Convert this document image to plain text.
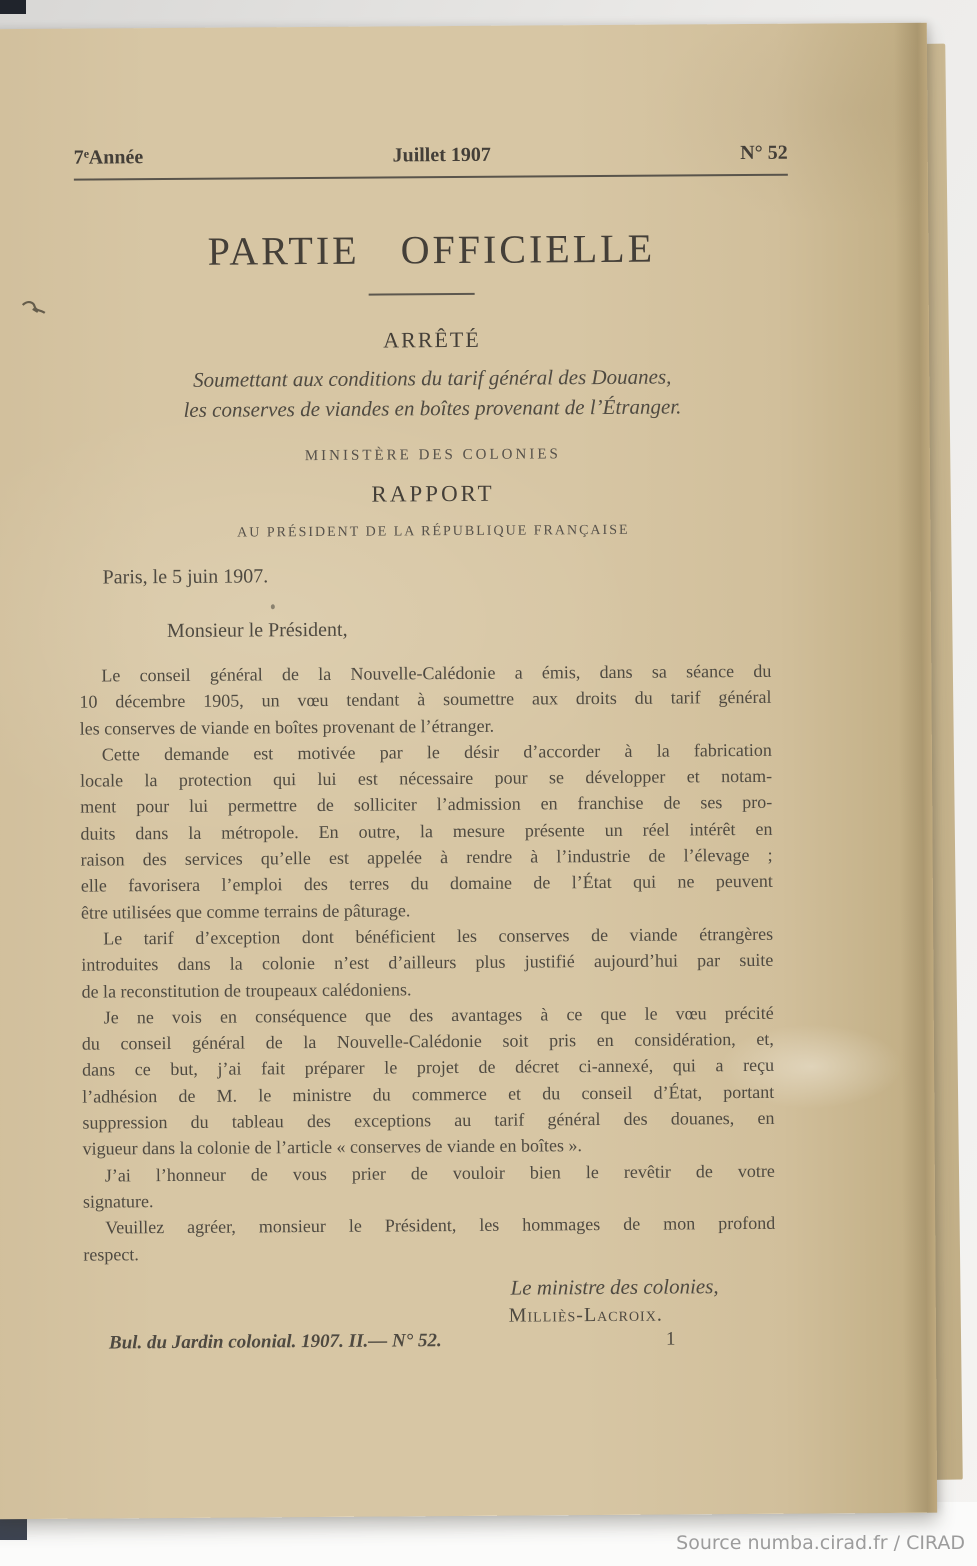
7 e Année	Juillet 1907	N° 52
PARTIE OFFICIELLE
ARRÊTÉ

Soumettant aux conditions du tarif général des Douanes,
les conserves de viandes en boîtes provenant de l’Étranger.

MINISTÈRE DES COLONIES
RAPPORT
AU PRÉSIDENT DE LA RÉPUBLIQUE FRANÇAISE
Paris, le 5 juin 1907.
Monsieur le Président,
Le conseil général de la Nouvelle-Calédonie a émis, dans sa séance du
10 décembre 1905, un vœu tendant à soumettre aux droits du tarif général
les conserves de viande en boîtes provenant de l’étranger.
Cette demande est motivée par le désir d’accorder à la fabrication
locale la protection qui lui est nécessaire pour se développer et notam-
ment pour lui permettre de solliciter l’admission en franchise de ses pro-
duits dans la métropole. En outre, la mesure présente un réel intérêt en
raison des services qu’elle est appelée à rendre à l’industrie de l’élevage ;
elle favorisera l’emploi des terres du domaine de l’État qui ne peuvent
être utilisées que comme terrains de pâturage.
Le tarif d’exception dont bénéficient les conserves de viande étrangères
introduites dans la colonie n’est d’ailleurs plus justifié aujourd’hui par suite
de la reconstitution de troupeaux calédoniens.
Je ne vois en conséquence que des avantages à ce que le vœu précité
du conseil général de la Nouvelle-Calédonie soit pris en considération, et,
dans ce but, j’ai fait préparer le projet de décret ci-annexé, qui a reçu
l’adhésion de M. le ministre du commerce et du conseil d’État, portant
suppression du tableau des exceptions au tarif général des douanes, en
vigueur dans la colonie de l’article « conserves de viande en boîtes ».
J’ai l’honneur de vous prier de vouloir bien le revêtir de votre
signature.
Veuillez agréer, monsieur le Président, les hommages de mon profond
respect.
Le ministre des colonies,
Milliès-Lacroix.
Bul. du Jardin colonial. 1907. II.— N° 52.	1
Source numba.cirad.fr / CIRAD
